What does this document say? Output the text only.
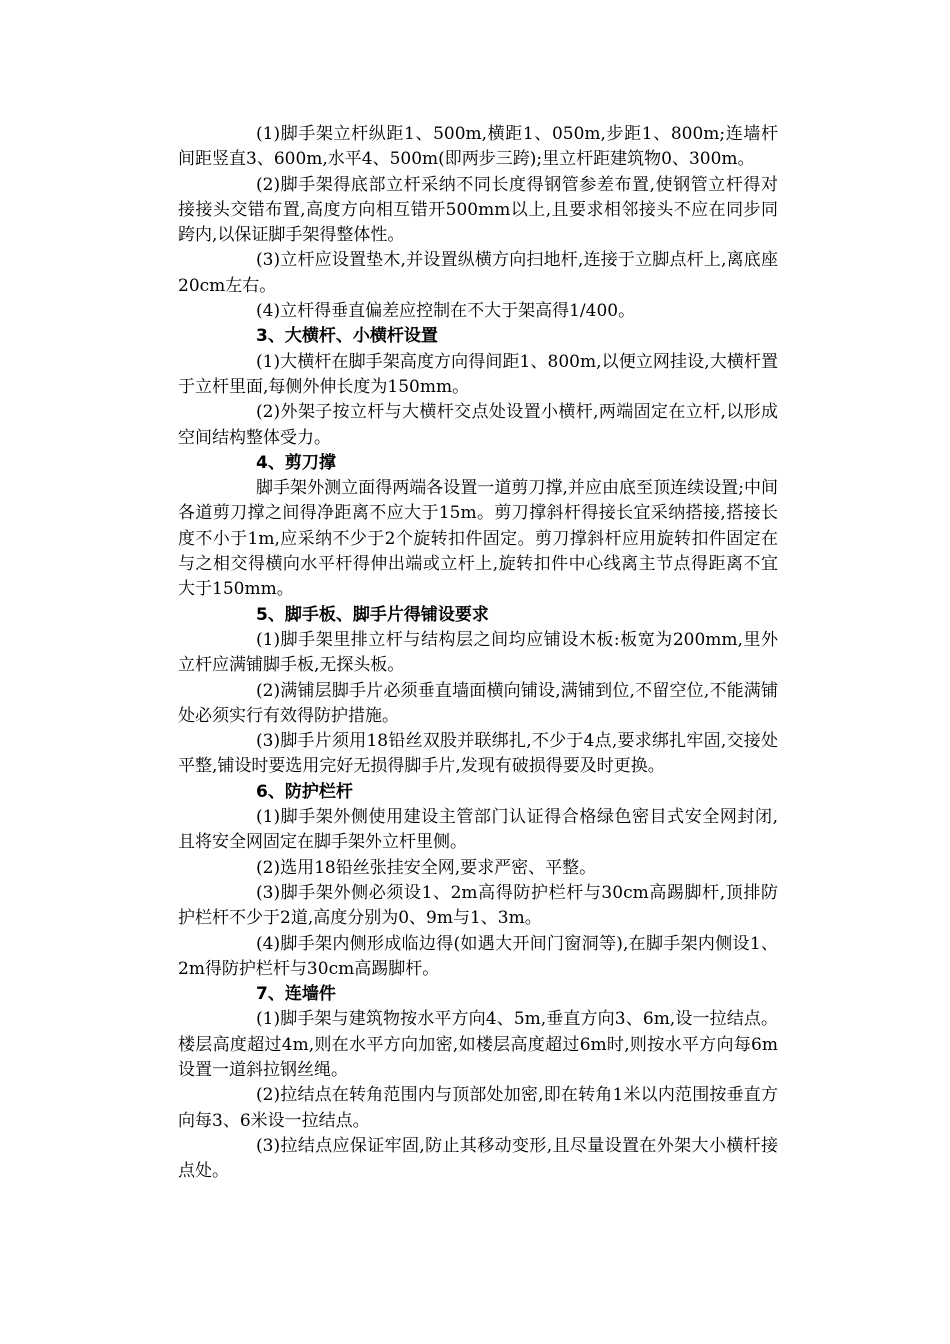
(1)脚手架立杆纵距1、500m,横距1、050m,步距1、800m;连墙杆间距竖直3、600m,水平4、500m(即两步三跨);里立杆距建筑物0、300m。

(2)脚手架得底部立杆采纳不同长度得钢管参差布置,使钢管立杆得对接接头交错布置,高度方向相互错开500mm以上,且要求相邻接头不应在同步同跨内,以保证脚手架得整体性。

(3)立杆应设置垫木,并设置纵横方向扫地杆,连接于立脚点杆上,离底座20cm左右。

(4)立杆得垂直偏差应控制在不大于架高得1/400。

3、大横杆、小横杆设置

(1)大横杆在脚手架高度方向得间距1、800m,以便立网挂设,大横杆置于立杆里面,每侧外伸长度为150mm。

(2)外架子按立杆与大横杆交点处设置小横杆,两端固定在立杆,以形成空间结构整体受力。

4、剪刀撑

脚手架外测立面得两端各设置一道剪刀撑,并应由底至顶连续设置;中间各道剪刀撑之间得净距离不应大于15m。剪刀撑斜杆得接长宜采纳搭接,搭接长度不小于1m,应采纳不少于2个旋转扣件固定。剪刀撑斜杆应用旋转扣件固定在与之相交得横向水平杆得伸出端或立杆上,旋转扣件中心线离主节点得距离不宜大于150mm。

5、脚手板、脚手片得铺设要求

(1)脚手架里排立杆与结构层之间均应铺设木板:板宽为200mm,里外立杆应满铺脚手板,无探头板。

(2)满铺层脚手片必须垂直墙面横向铺设,满铺到位,不留空位,不能满铺处必须实行有效得防护措施。

(3)脚手片须用18铅丝双股并联绑扎,不少于4点,要求绑扎牢固,交接处平整,铺设时要选用完好无损得脚手片,发现有破损得要及时更换。

6、防护栏杆

(1)脚手架外侧使用建设主管部门认证得合格绿色密目式安全网封闭,且将安全网固定在脚手架外立杆里侧。

(2)选用18铅丝张挂安全网,要求严密、平整。

(3)脚手架外侧必须设1、2m高得防护栏杆与30cm高踢脚杆,顶排防护栏杆不少于2道,高度分别为0、9m与1、3m。

(4)脚手架内侧形成临边得(如遇大开间门窗洞等),在脚手架内侧设1、2m得防护栏杆与30cm高踢脚杆。

7、连墙件

(1)脚手架与建筑物按水平方向4、5m,垂直方向3、6m,设一拉结点。楼层高度超过4m,则在水平方向加密,如楼层高度超过6m时,则按水平方向每6m设置一道斜拉钢丝绳。

(2)拉结点在转角范围内与顶部处加密,即在转角1米以内范围按垂直方向每3、6米设一拉结点。

(3)拉结点应保证牢固,防止其移动变形,且尽量设置在外架大小横杆接点处。
